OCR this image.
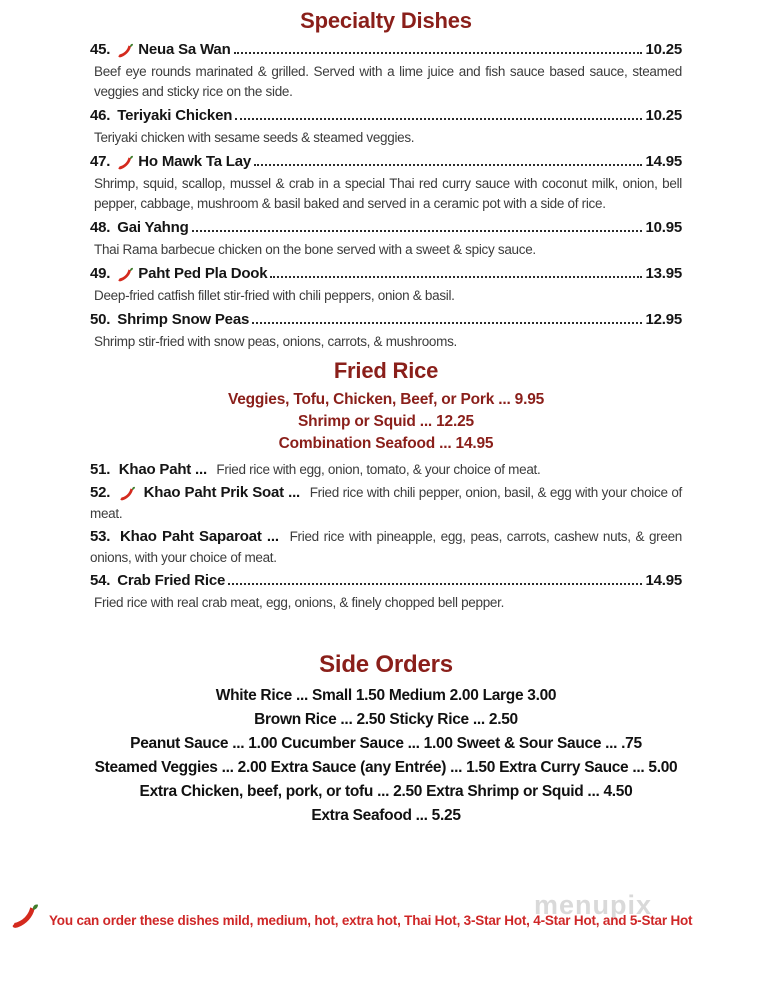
Specialty Dishes
45. Neua Sa Wan	10.25

Beef eye rounds marinated & grilled. Served with a lime juice and fish sauce based sauce, steamed veggies and sticky rice on the side.

46. Teriyaki Chicken	10.25

Teriyaki chicken with sesame seeds & steamed veggies.

47. Ho Mawk Ta Lay	14.95

Shrimp, squid, scallop, mussel & crab in a special Thai red curry sauce with coconut milk, onion, bell pepper, cabbage, mushroom & basil baked and served in a ceramic pot with a side of rice.

48. Gai Yahng	10.95

Thai Rama barbecue chicken on the bone served with a sweet & spicy sauce.

49. Paht Ped Pla Dook	13.95

Deep-fried catfish fillet stir-fried with chili peppers, onion & basil.

50. Shrimp Snow Peas	12.95

Shrimp stir-fried with snow peas, onions, carrots, & mushrooms.

Fried Rice
Veggies, Tofu, Chicken, Beef, or Pork ... 9.95
Shrimp or Squid ... 12.25
Combination Seafood ... 14.95

51. Khao Paht ... Fried rice with egg, onion, tomato, & your choice of meat.

52. Khao Paht Prik Soat ... Fried rice with chili pepper, onion, basil, & egg with your choice of meat.

53. Khao Paht Saparoat ... Fried rice with pineapple, egg, peas, carrots, cashew nuts, & green onions, with your choice of meat.

54. Crab Fried Rice	14.95

Fried rice with real crab meat, egg, onions, & finely chopped bell pepper.

Side Orders
White Rice ... Small 1.50 Medium 2.00 Large 3.00
Brown Rice ... 2.50 Sticky Rice ... 2.50
Peanut Sauce ... 1.00 Cucumber Sauce ... 1.00 Sweet & Sour Sauce ... .75
Steamed Veggies ... 2.00 Extra Sauce (any Entrée) ... 1.50 Extra Curry Sauce ... 5.00
Extra Chicken, beef, pork, or tofu ... 2.50 Extra Shrimp or Squid ... 4.50
Extra Seafood ... 5.25
menupix
You can order these dishes mild, medium, hot, extra hot, Thai Hot, 3-Star Hot, 4-Star Hot, and 5-Star Hot
